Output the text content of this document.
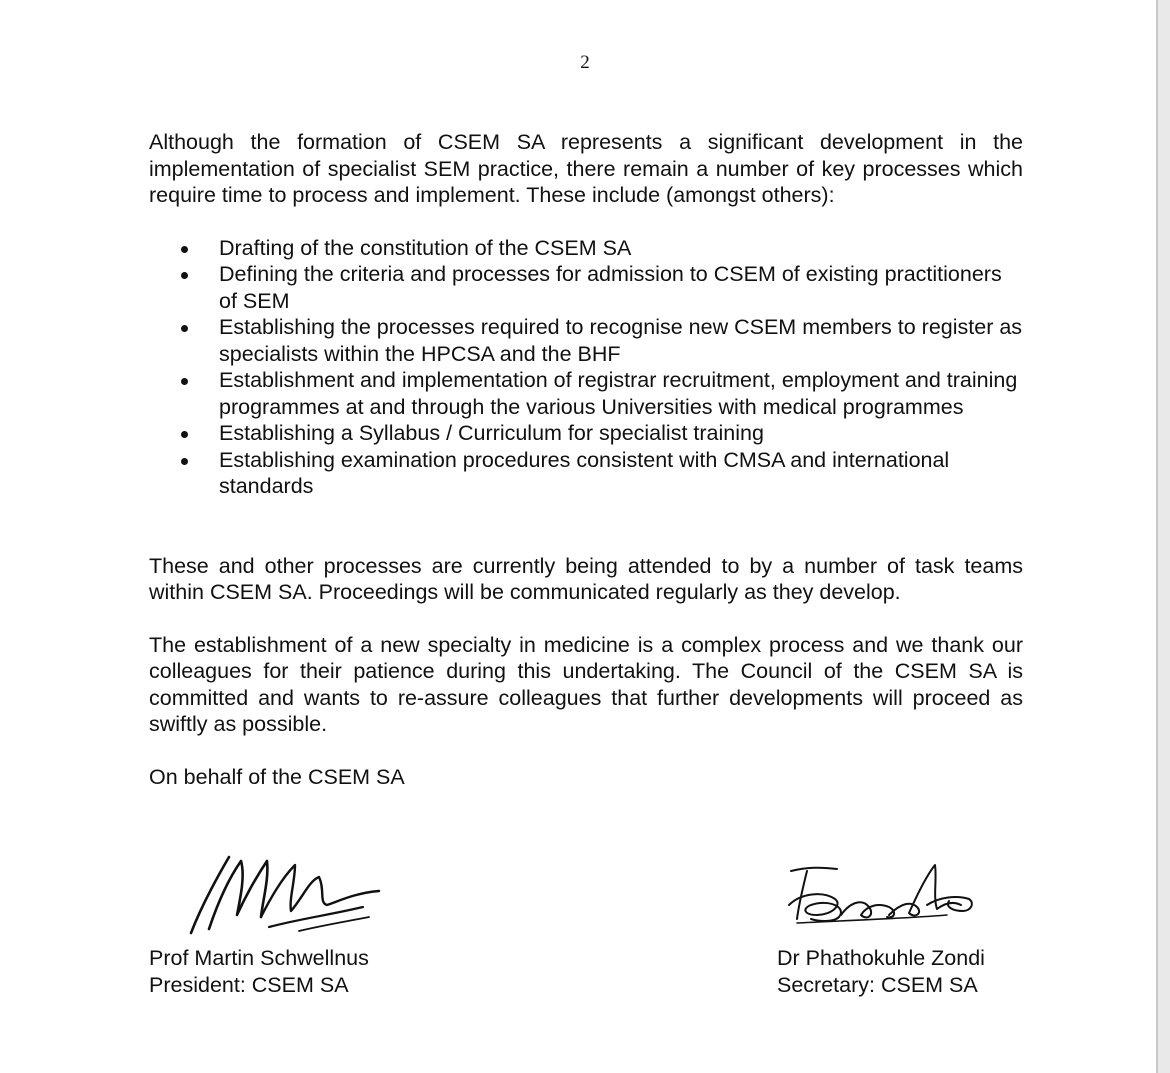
2

Although the formation of CSEM SA represents a significant development in the implementation of specialist SEM practice, there remain a number of key processes which require time to process and implement. These include (amongst others):

Drafting of the constitution of the CSEM SA
Defining the criteria and processes for admission to CSEM of existing practitioners of SEM
Establishing the processes required to recognise new CSEM members to register as specialists within the HPCSA and the BHF
Establishment and implementation of registrar recruitment, employment and training programmes at and through the various Universities with medical programmes
Establishing a Syllabus / Curriculum for specialist training
Establishing examination procedures consistent with CMSA and international standards

These and other processes are currently being attended to by a number of task teams within CSEM SA. Proceedings will be communicated regularly as they develop.

The establishment of a new specialty in medicine is a complex process and we thank our colleagues for their patience during this undertaking. The Council of the CSEM SA is committed and wants to re-assure colleagues that further developments will proceed as swiftly as possible.

On behalf of the CSEM SA

Prof Martin Schwellnus
President: CSEM SA
Dr Phathokuhle Zondi
Secretary: CSEM SA
